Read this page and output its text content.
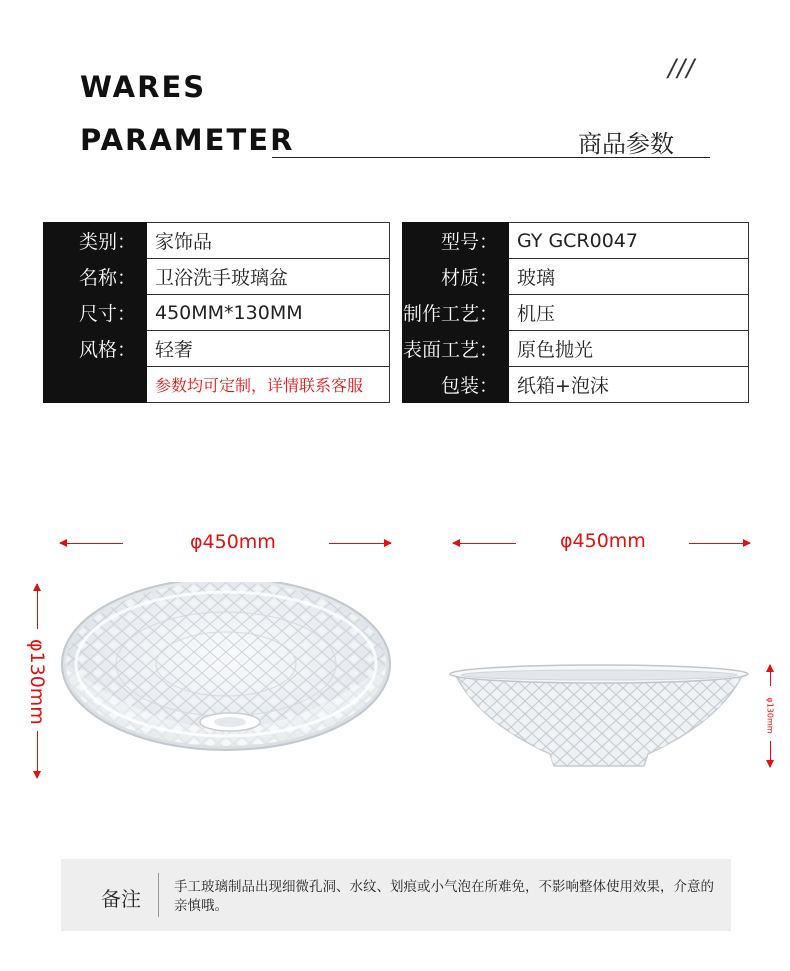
WARES
PARAMETER
///
商品参数
类别：	家饰品
名称：	卫浴洗手玻璃盆
尺寸：	450MM*130MM
风格：	轻奢
	参数均可定制，详情联系客服
型号：	GY GCR0047
材质：	玻璃
制作工艺：	机压
表面工艺：	原色抛光
包装：	纸箱+泡沫
φ450mm
φ130mm
φ450mm
φ130mm
备注 手工玻璃制品出现细微孔洞、水纹、划痕或小气泡在所难免，不影响整体使用效果，介意的亲慎哦。
